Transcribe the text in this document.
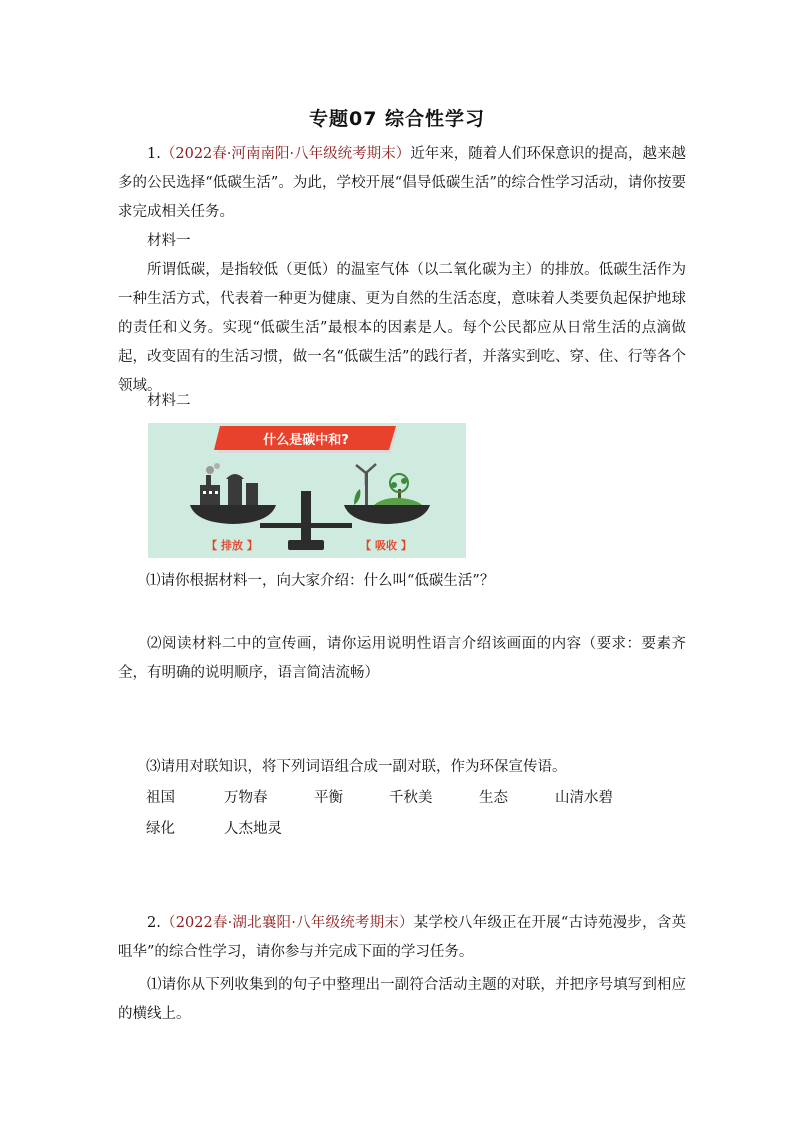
专题07 综合性学习
1.（2022春·河南南阳·八年级统考期末）近年来，随着人们环保意识的提高，越来越多的公民选择“低碳生活”。为此，学校开展“倡导低碳生活”的综合性学习活动，请你按要求完成相关任务。
材料一
所谓低碳，是指较低（更低）的温室气体（以二氧化碳为主）的排放。低碳生活作为一种生活方式，代表着一种更为健康、更为自然的生活态度，意味着人类要负起保护地球的责任和义务。实现“低碳生活”最根本的因素是人。每个公民都应从日常生活的点滴做起，改变固有的生活习惯，做一名“低碳生活”的践行者，并落实到吃、穿、住、行等各个领域。
材料二
什么是碳中和?
【 排放 】	【 吸收 】
⑴请你根据材料一，向大家介绍：什么叫“低碳生活”？
⑵阅读材料二中的宣传画，请你运用说明性语言介绍该画面的内容（要求：要素齐全，有明确的说明顺序，语言简洁流畅）
⑶请用对联知识，将下列词语组合成一副对联，作为环保宣传语。
祖国	万物春	平衡	千秋美	生态	山清水碧
绿化	人杰地灵
2.（2022春·湖北襄阳·八年级统考期末）某学校八年级正在开展“古诗苑漫步，含英咀华”的综合性学习，请你参与并完成下面的学习任务。
⑴请你从下列收集到的句子中整理出一副符合活动主题的对联，并把序号填写到相应的横线上。
